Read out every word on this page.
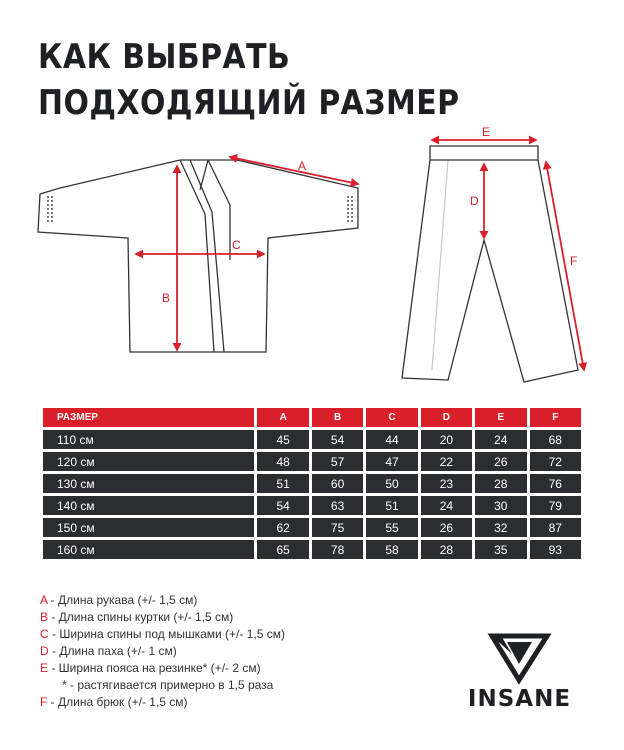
КАК ВЫБРАТЬ
ПОДХОДЯЩИЙ РАЗМЕР
A
B
C
E
D
F
РАЗМЕР	A	B	C	D	E	F
110 см	45	54	44	20	24	68
120 см	48	57	47	22	26	72
130 см	51	60	50	23	28	76
140 см	54	63	51	24	30	79
150 см	62	75	55	26	32	87
160 см	65	78	58	28	35	93
A - Длина рукава (+/- 1,5 см)
B - Длина спины куртки (+/- 1,5 см)
C - Ширина спины под мышками (+/- 1,5 см)
D - Длина паха (+/- 1 см)
E - Ширина пояса на резинке* (+/- 2 см)
* - растягивается примерно в 1,5 раза
F - Длина брюк (+/- 1,5 см)	INSANE
